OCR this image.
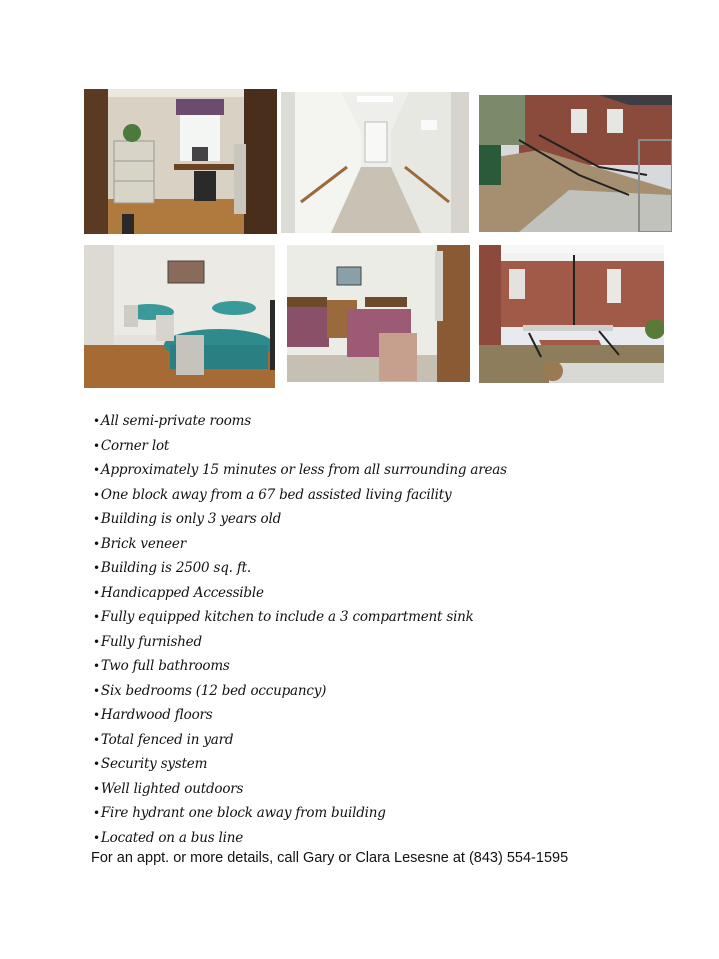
•All semi-private rooms
•Corner lot
•Approximately 15 minutes or less from all surrounding areas
•One block away from a 67 bed assisted living facility
•Building is only 3 years old
•Brick veneer
•Building is 2500 sq. ft.
•Handicapped Accessible
•Fully equipped kitchen to include a 3 compartment sink
•Fully furnished
•Two full bathrooms
•Six bedrooms (12 bed occupancy)
•Hardwood floors
•Total fenced in yard
•Security system
•Well lighted outdoors
•Fire hydrant one block away from building
•Located on a bus line
For an appt. or more details, call Gary or Clara Lesesne at (843) 554-1595
